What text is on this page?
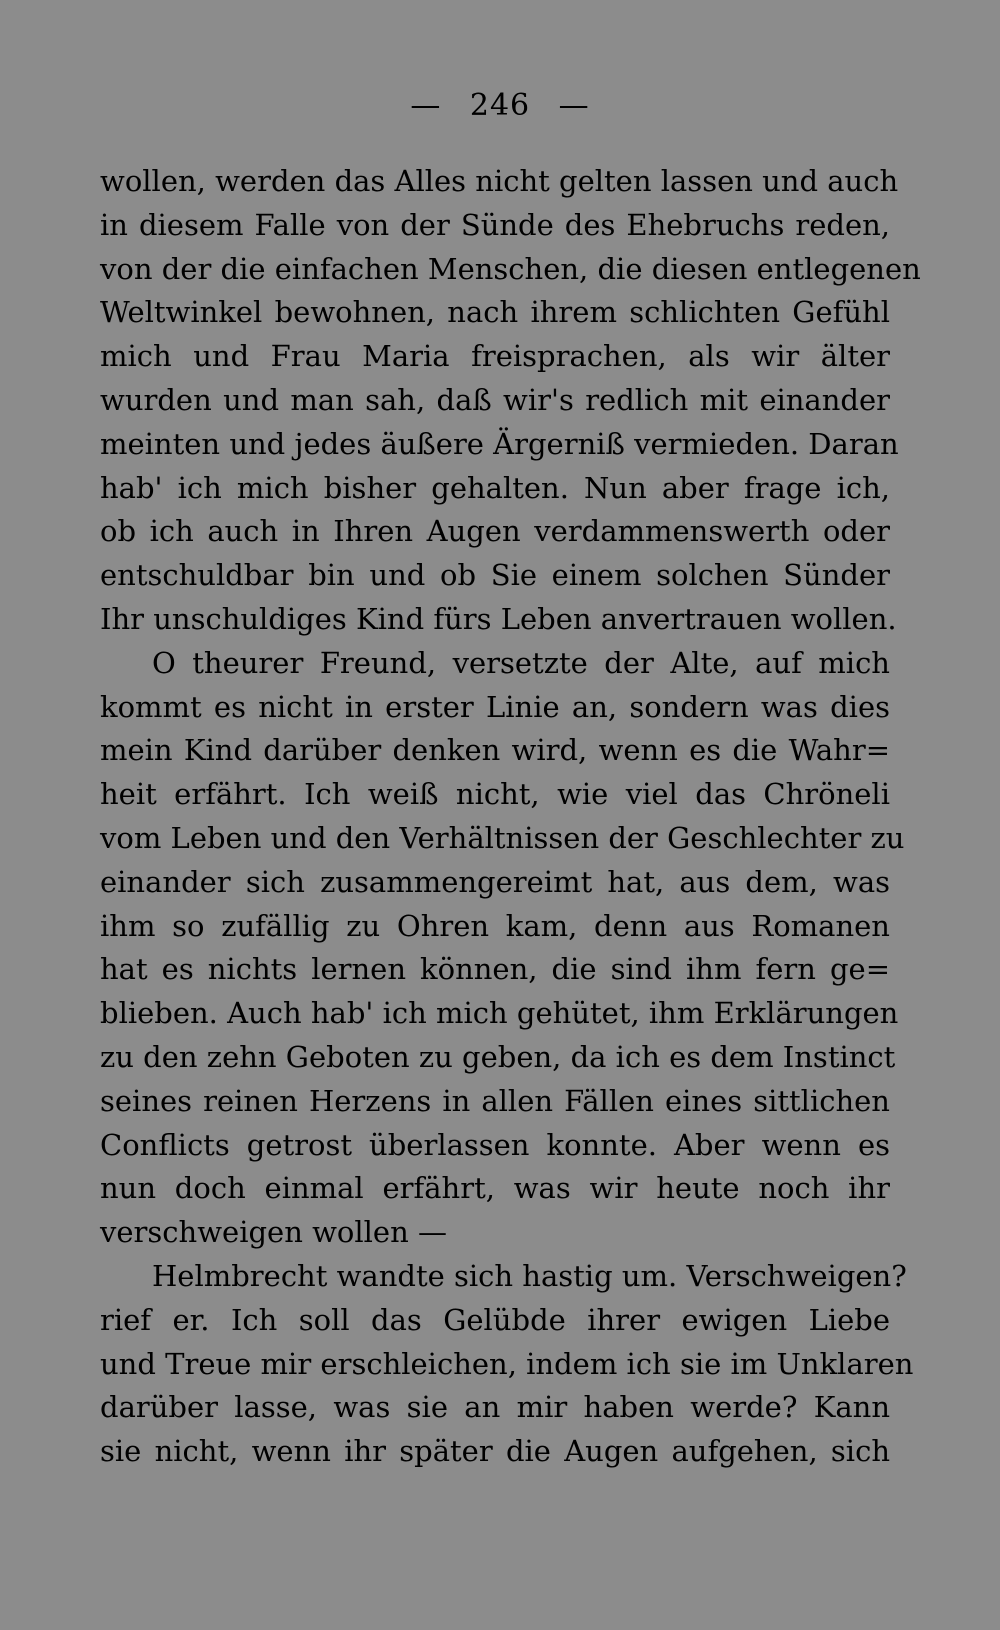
— 246 —
wollen, werden das Alles nicht gelten lassen und auch
in diesem Falle von der Sünde des Ehebruchs reden,
von der die einfachen Menschen, die diesen entlegenen
Weltwinkel bewohnen, nach ihrem schlichten Gefühl
mich und Frau Maria freisprachen, als wir älter
wurden und man sah, daß wir's redlich mit einander
meinten und jedes äußere Ärgerniß vermieden. Daran
hab' ich mich bisher gehalten. Nun aber frage ich,
ob ich auch in Ihren Augen verdammenswerth oder
entschuldbar bin und ob Sie einem solchen Sünder
Ihr unschuldiges Kind fürs Leben anvertrauen wollen.
O theurer Freund, versetzte der Alte, auf mich
kommt es nicht in erster Linie an, sondern was dies
mein Kind darüber denken wird, wenn es die Wahr=
heit erfährt. Ich weiß nicht, wie viel das Chröneli
vom Leben und den Verhältnissen der Geschlechter zu
einander sich zusammengereimt hat, aus dem, was
ihm so zufällig zu Ohren kam, denn aus Romanen
hat es nichts lernen können, die sind ihm fern ge=
blieben. Auch hab' ich mich gehütet, ihm Erklärungen
zu den zehn Geboten zu geben, da ich es dem Instinct
seines reinen Herzens in allen Fällen eines sittlichen
Conflicts getrost überlassen konnte. Aber wenn es
nun doch einmal erfährt, was wir heute noch ihr
verschweigen wollen —
Helmbrecht wandte sich hastig um. Verschweigen?
rief er. Ich soll das Gelübde ihrer ewigen Liebe
und Treue mir erschleichen, indem ich sie im Unklaren
darüber lasse, was sie an mir haben werde? Kann
sie nicht, wenn ihr später die Augen aufgehen, sich
